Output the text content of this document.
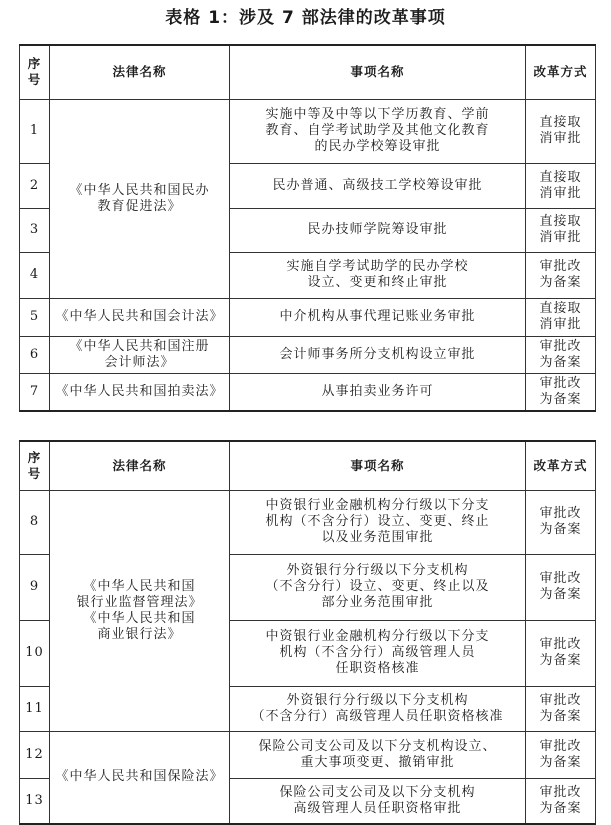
表格 1：涉及 7 部法律的改革事项
序
号	法律名称	事项名称	改革方式
1	《中华人民共和国民办
教育促进法》	实施中等及中等以下学历教育、学前
教育、自学考试助学及其他文化教育
的民办学校筹设审批	直接取
消审批
2		民办普通、高级技工学校筹设审批	直接取
消审批
3		民办技师学院筹设审批	直接取
消审批
4		实施自学考试助学的民办学校
设立、变更和终止审批	审批改
为备案
5	《中华人民共和国会计法》	中介机构从事代理记账业务审批	直接取
消审批
6	《中华人民共和国注册
会计师法》	会计师事务所分支机构设立审批	审批改
为备案
7	《中华人民共和国拍卖法》	从事拍卖业务许可	审批改
为备案
序
号	法律名称	事项名称	改革方式
8	《中华人民共和国
银行业监督管理法》
《中华人民共和国
商业银行法》	中资银行业金融机构分行级以下分支
机构（不含分行）设立、变更、终止
以及业务范围审批	审批改
为备案
9		外资银行分行级以下分支机构
（不含分行）设立、变更、终止以及
部分业务范围审批	审批改
为备案
10		中资银行业金融机构分行级以下分支
机构（不含分行）高级管理人员
任职资格核准	审批改
为备案
11		外资银行分行级以下分支机构
（不含分行）高级管理人员任职资格核准	审批改
为备案
12	《中华人民共和国保险法》	保险公司支公司及以下分支机构设立、
重大事项变更、撤销审批	审批改
为备案
13		保险公司支公司及以下分支机构
高级管理人员任职资格审批	审批改
为备案
